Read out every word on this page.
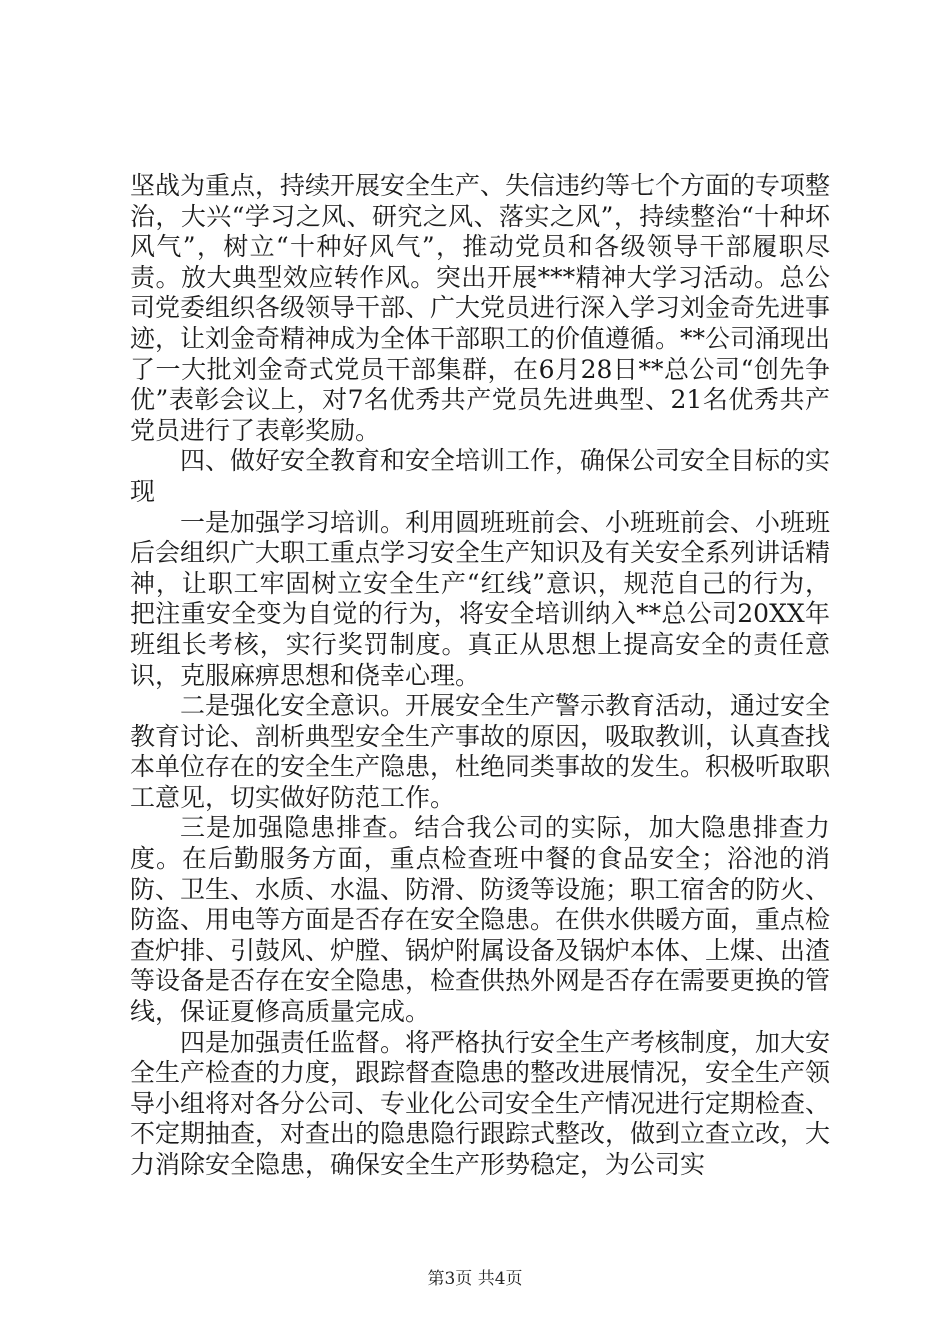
坚战为重点，持续开展安全生产、失信违约等七个方面的专项整治，大兴“学习之风、研究之风、落实之风”，持续整治“十种坏风气”，树立“十种好风气”，推动党员和各级领导干部履职尽责。放大典型效应转作风。突出开展***精神大学习活动。总公司党委组织各级领导干部、广大党员进行深入学习刘金奇先进事迹，让刘金奇精神成为全体干部职工的价值遵循。**公司涌现出了一大批刘金奇式党员干部集群，在6月28日**总公司“创先争优”表彰会议上，对7名优秀共产党员先进典型、21名优秀共产党员进行了表彰奖励。

四、做好安全教育和安全培训工作，确保公司安全目标的实现

一是加强学习培训。利用圆班班前会、小班班前会、小班班后会组织广大职工重点学习安全生产知识及有关安全系列讲话精神，让职工牢固树立安全生产“红线”意识，规范自己的行为，把注重安全变为自觉的行为，将安全培训纳入**总公司20XX年班组长考核，实行奖罚制度。真正从思想上提高安全的责任意识，克服麻痹思想和侥幸心理。

二是强化安全意识。开展安全生产警示教育活动，通过安全教育讨论、剖析典型安全生产事故的原因，吸取教训，认真查找本单位存在的安全生产隐患，杜绝同类事故的发生。积极听取职工意见，切实做好防范工作。

三是加强隐患排查。结合我公司的实际，加大隐患排查力度。在后勤服务方面，重点检查班中餐的食品安全；浴池的消防、卫生、水质、水温、防滑、防烫等设施；职工宿舍的防火、防盗、用电等方面是否存在安全隐患。在供水供暖方面，重点检查炉排、引鼓风、炉膛、锅炉附属设备及锅炉本体、上煤、出渣等设备是否存在安全隐患，检查供热外网是否存在需要更换的管线，保证夏修高质量完成。

四是加强责任监督。将严格执行安全生产考核制度，加大安全生产检查的力度，跟踪督查隐患的整改进展情况，安全生产领导小组将对各分公司、专业化公司安全生产情况进行定期检查、不定期抽查，对查出的隐患隐行跟踪式整改，做到立查立改，大力消除安全隐患，确保安全生产形势稳定，为公司实

第3页 共4页
